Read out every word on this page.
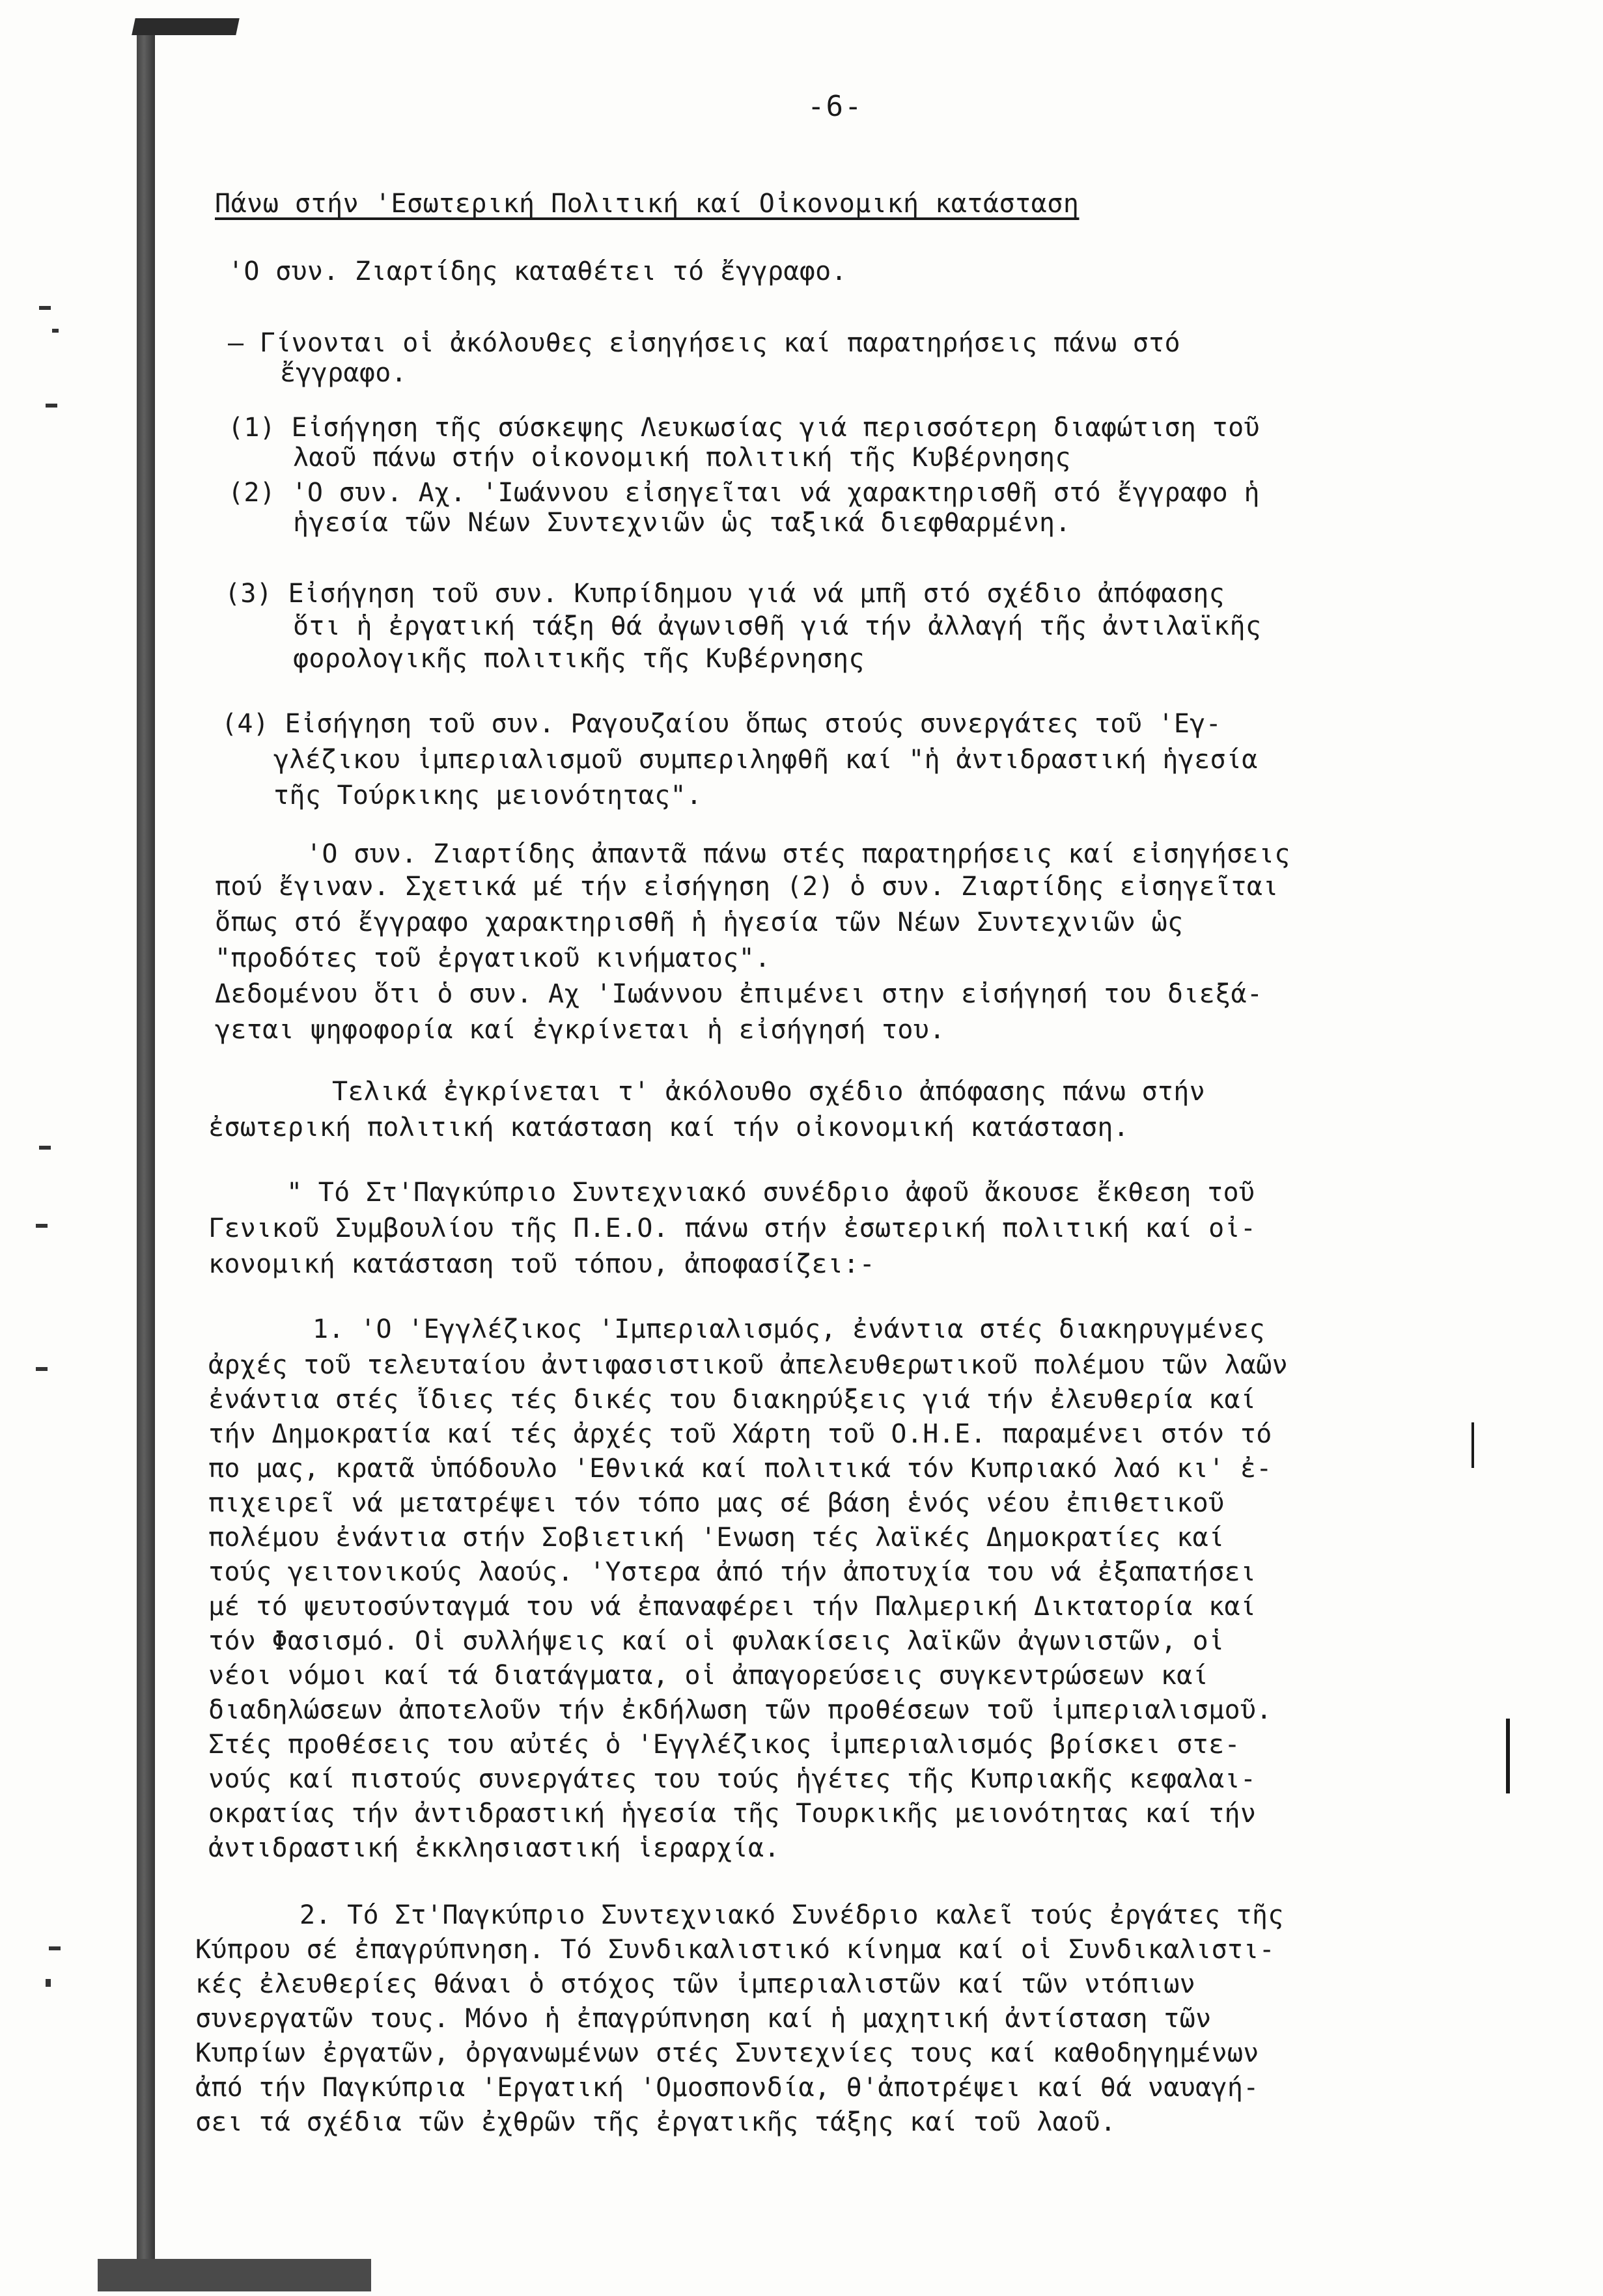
-6-
Πάνω στήν 'Εσωτερική Πολιτική καί Οἰκονομική κατάσταση
'Ο συν. Ζιαρτίδης καταθέτει τό ἔγγραφο.
— Γίνονται οἱ ἀκόλουθες εἰσηγήσεις καί παρατηρήσεις πάνω στό
ἔγγραφο.
(1) Εἰσήγηση τῆς σύσκεψης Λευκωσίας γιά περισσότερη διαφώτιση τοῦ
λαοῦ πάνω στήν οἰκονομική πολιτική τῆς Κυβέρνησης
(2) 'Ο συν. Αχ. 'Ιωάννου εἰσηγεῖται νά χαρακτηρισθῆ στό ἔγγραφο ἡ
ἡγεσία τῶν Νέων Συντεχνιῶν ὡς ταξικά διεφθαρμένη.
(3) Εἰσήγηση τοῦ συν. Κυπρίδημου γιά νά μπῆ στό σχέδιο ἀπόφασης
ὅτι ἡ ἐργατική τάξη θά ἀγωνισθῆ γιά τήν ἀλλαγή τῆς ἀντιλαϊκῆς
φορολογικῆς πολιτικῆς τῆς Κυβέρνησης
(4) Εἰσήγηση τοῦ συν. Ραγουζαίου ὅπως στούς συνεργάτες τοῦ 'Εγ-
γλέζικου ἰμπεριαλισμοῦ συμπεριληφθῆ καί "ἡ ἀντιδραστική ἡγεσία
τῆς Τούρκικης μειονότητας".
'Ο συν. Ζιαρτίδης ἀπαντᾶ πάνω στές παρατηρήσεις καί εἰσηγήσεις
πού ἔγιναν. Σχετικά μέ τήν εἰσήγηση (2) ὁ συν. Ζιαρτίδης εἰσηγεῖται
ὅπως στό ἔγγραφο χαρακτηρισθῆ ἡ ἡγεσία τῶν Νέων Συντεχνιῶν ὡς
"προδότες τοῦ ἐργατικοῦ κινήματος".
Δεδομένου ὅτι ὁ συν. Αχ 'Ιωάννου ἐπιμένει στην εἰσήγησή του διεξά-
γεται ψηφοφορία καί ἐγκρίνεται ἡ εἰσήγησή του.
Τελικά ἐγκρίνεται τ' ἀκόλουθο σχέδιο ἀπόφασης πάνω στήν
ἐσωτερική πολιτική κατάσταση καί τήν οἰκονομική κατάσταση.
" Τό Στ'Παγκύπριο Συντεχνιακό συνέδριο ἀφοῦ ἄκουσε ἔκθεση τοῦ
Γενικοῦ Συμβουλίου τῆς Π.Ε.Ο. πάνω στήν ἐσωτερική πολιτική καί οἰ-
κονομική κατάσταση τοῦ τόπου, ἀποφασίζει:-
1. 'Ο 'Εγγλέζικος 'Ιμπεριαλισμός, ἐνάντια στές διακηρυγμένες
ἀρχές τοῦ τελευταίου ἀντιφασιστικοῦ ἀπελευθερωτικοῦ πολέμου τῶν λαῶν
ἐνάντια στές ἴδιες τές δικές του διακηρύξεις γιά τήν ἐλευθερία καί
τήν Δημοκρατία καί τές ἀρχές τοῦ Χάρτη τοῦ Ο.Η.Ε. παραμένει στόν τό
πο μας, κρατᾶ ὑπόδουλο 'Εθνικά καί πολιτικά τόν Κυπριακό λαό κι' ἐ-
πιχειρεῖ νά μετατρέψει τόν τόπο μας σέ βάση ἑνός νέου ἐπιθετικοῦ
πολέμου ἐνάντια στήν Σοβιετική 'Ενωση τές λαϊκές Δημοκρατίες καί
τούς γειτονικούς λαούς. 'Υστερα ἀπό τήν ἀποτυχία του νά ἐξαπατήσει
μέ τό ψευτοσύνταγμά του νά ἐπαναφέρει τήν Παλμερική Δικτατορία καί
τόν Φασισμό. Οἱ συλλήψεις καί οἱ φυλακίσεις λαϊκῶν ἀγωνιστῶν, οἱ
νέοι νόμοι καί τά διατάγματα, οἱ ἀπαγορεύσεις συγκεντρώσεων καί
διαδηλώσεων ἀποτελοῦν τήν ἐκδήλωση τῶν προθέσεων τοῦ ἰμπεριαλισμοῦ.
Στές προθέσεις του αὐτές ὁ 'Εγγλέζικος ἰμπεριαλισμός βρίσκει στε-
νούς καί πιστούς συνεργάτες του τούς ἡγέτες τῆς Κυπριακῆς κεφαλαι-
οκρατίας τήν ἀντιδραστική ἡγεσία τῆς Τουρκικῆς μειονότητας καί τήν
ἀντιδραστική ἐκκλησιαστική ἱεραρχία.
2. Τό Στ'Παγκύπριο Συντεχνιακό Συνέδριο καλεῖ τούς ἐργάτες τῆς
Κύπρου σέ ἐπαγρύπνηση. Τό Συνδικαλιστικό κίνημα καί οἱ Συνδικαλιστι-
κές ἐλευθερίες θάναι ὁ στόχος τῶν ἰμπεριαλιστῶν καί τῶν ντόπιων
συνεργατῶν τους. Μόνο ἡ ἐπαγρύπνηση καί ἡ μαχητική ἀντίσταση τῶν
Κυπρίων ἐργατῶν, ὀργανωμένων στές Συντεχνίες τους καί καθοδηγημένων
ἀπό τήν Παγκύπρια 'Εργατική 'Ομοσπονδία, θ'ἀποτρέψει καί θά ναυαγή-
σει τά σχέδια τῶν ἐχθρῶν τῆς ἐργατικῆς τάξης καί τοῦ λαοῦ.
